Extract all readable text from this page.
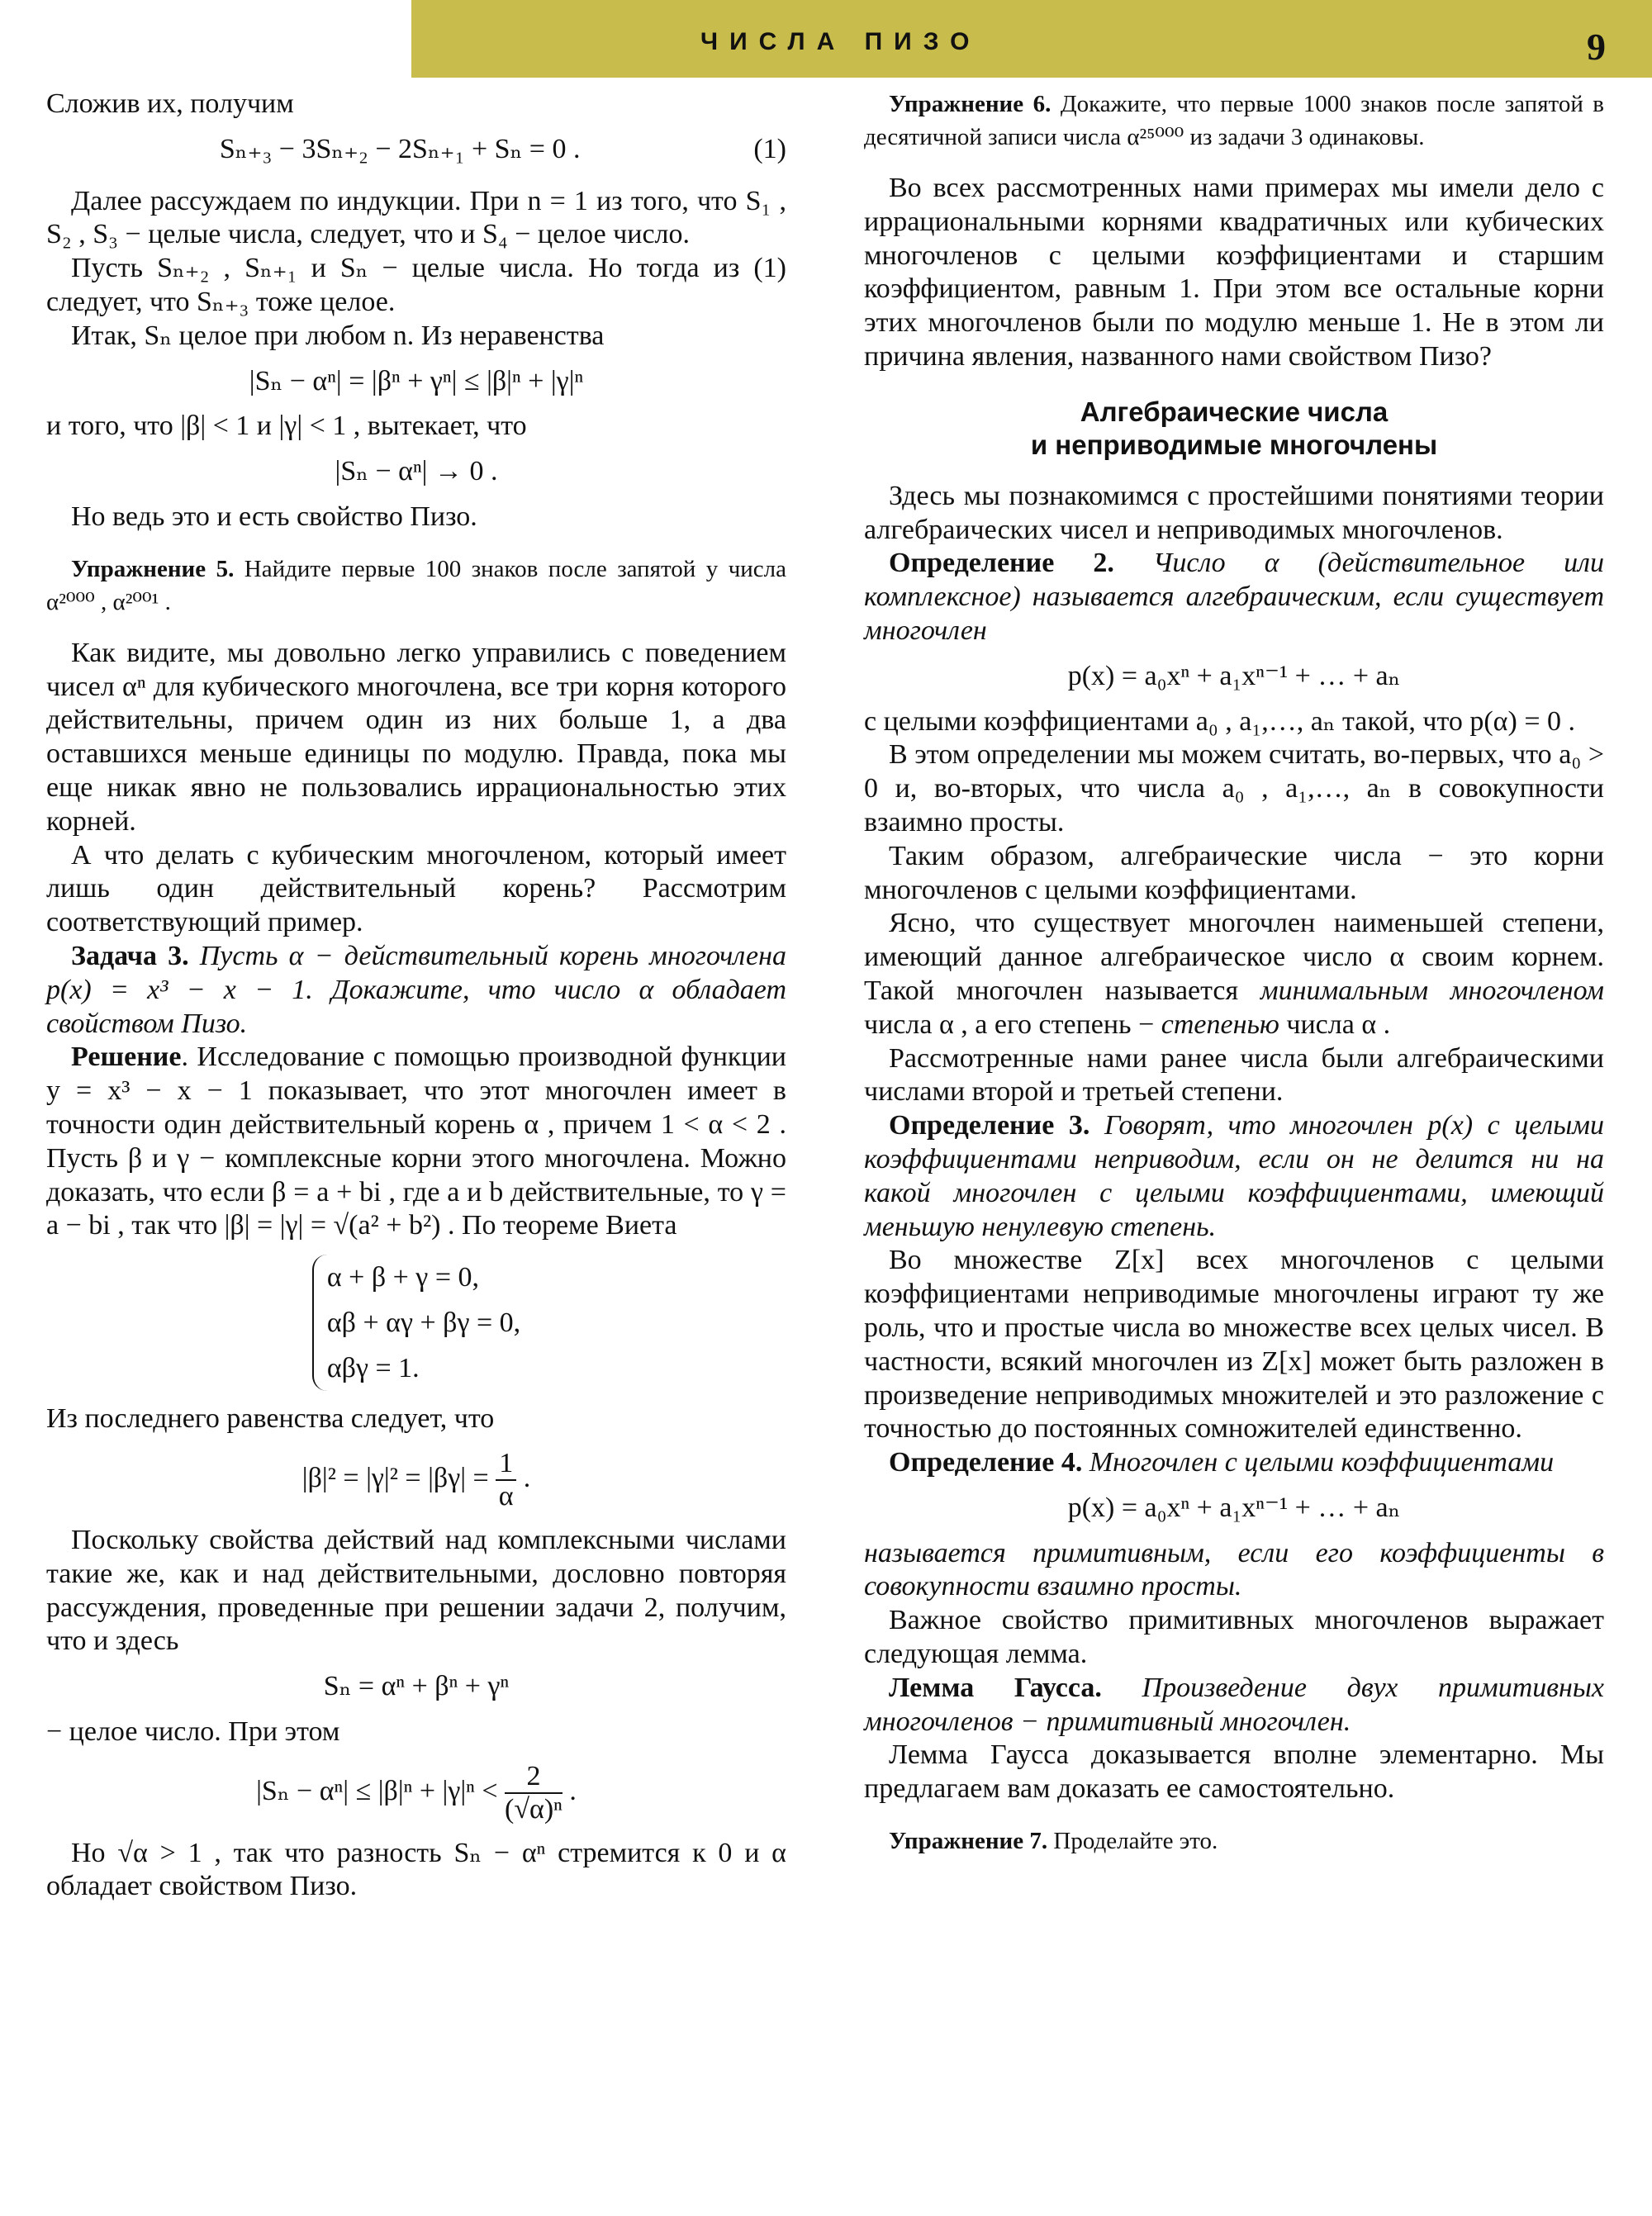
ЧИСЛА ПИЗО	9

Сложив их, получим

Sₙ₊₃ − 3Sₙ₊₂ − 2Sₙ₊₁ + Sₙ = 0 .	(1)

Далее рассуждаем по индукции. При n = 1 из того, что S₁ , S₂ , S₃ − целые числа, следует, что и S₄ − целое число.

Пусть Sₙ₊₂ , Sₙ₊₁ и Sₙ − целые числа. Но тогда из (1) следует, что Sₙ₊₃ тоже целое.

Итак, Sₙ целое при любом n. Из неравенства

|Sₙ − αⁿ| = |βⁿ + γⁿ| ≤ |β|ⁿ + |γ|ⁿ

и того, что |β| < 1 и |γ| < 1 , вытекает, что

|Sₙ − αⁿ| → 0 .

Но ведь это и есть свойство Пизо.

Упражнение 5. Найдите первые 100 знаков после запятой у числа α²⁰⁰⁰ , α²⁰⁰¹ .

Как видите, мы довольно легко управились с поведением чисел αⁿ для кубического многочлена, все три корня которого действительны, причем один из них больше 1, а два оставшихся меньше единицы по модулю. Правда, пока мы еще никак явно не пользовались иррациональностью этих корней.

А что делать с кубическим многочленом, который имеет лишь один действительный корень? Рассмотрим соответствующий пример.

Задача 3. Пусть α − действительный корень многочлена p(x) = x³ − x − 1. Докажите, что число α обладает свойством Пизо.

Решение. Исследование с помощью производной функции y = x³ − x − 1 показывает, что этот многочлен имеет в точности один действительный корень α , причем 1 < α < 2 . Пусть β и γ − комплексные корни этого многочлена. Можно доказать, что если β = a + bi , где a и b действительные, то γ = a − bi , так что |β| = |γ| = √(a² + b²) . По теореме Виета

α + β + γ = 0,
αβ + αγ + βγ = 0,
αβγ = 1.

Из последнего равенства следует, что

$|\beta|^2 = |\gamma|^2 = |\beta\gamma| = \frac{1}{\alpha}$ .

Поскольку свойства действий над комплексными числами такие же, как и над действительными, дословно повторяя рассуждения, проведенные при решении задачи 2, получим, что и здесь

Sₙ = αⁿ + βⁿ + γⁿ

− целое число. При этом

$|S_n - \alpha^n| \le |\beta|^n + |\gamma|^n < \frac{2}{\text{(√α)ⁿ}}$ .

Но √α > 1 , так что разность Sₙ − αⁿ стремится к 0 и α обладает свойством Пизо.

Упражнение 6. Докажите, что первые 1000 знаков после запятой в десятичной записи числа α²⁵⁰⁰⁰ из задачи 3 одинаковы.

Во всех рассмотренных нами примерах мы имели дело с иррациональными корнями квадратичных или кубических многочленов с целыми коэффициентами и старшим коэффициентом, равным 1. При этом все остальные корни этих многочленов были по модулю меньше 1. Не в этом ли причина явления, названного нами свойством Пизо?

Алгебраические числа
и неприводимые многочлены

Здесь мы познакомимся с простейшими понятиями теории алгебраических чисел и неприводимых многочленов.

Определение 2. Число α (действительное или комплексное) называется алгебраическим, если существует многочлен

p(x) = a₀xⁿ + a₁xⁿ⁻¹ + … + aₙ

с целыми коэффициентами a₀ , a₁,…, aₙ такой, что p(α) = 0 .

В этом определении мы можем считать, во-первых, что a₀ > 0 и, во-вторых, что числа a₀ , a₁,…, aₙ в совокупности взаимно просты.

Таким образом, алгебраические числа − это корни многочленов с целыми коэффициентами.

Ясно, что существует многочлен наименьшей степени, имеющий данное алгебраическое число α своим корнем. Такой многочлен называется минимальным многочленом числа α , а его степень − степенью числа α .

Рассмотренные нами ранее числа были алгебраическими числами второй и третьей степени.

Определение 3. Говорят, что многочлен p(x) с целыми коэффициентами неприводим, если он не делится ни на какой многочлен с целыми коэффициентами, имеющий меньшую ненулевую степень.

Во множестве Z[x] всех многочленов с целыми коэффициентами неприводимые многочлены играют ту же роль, что и простые числа во множестве всех целых чисел. В частности, всякий многочлен из Z[x] может быть разложен в произведение неприводимых множителей и это разложение с точностью до постоянных сомножителей единственно.

Определение 4. Многочлен с целыми коэффициентами

p(x) = a₀xⁿ + a₁xⁿ⁻¹ + … + aₙ

называется примитивным, если его коэффициенты в совокупности взаимно просты.

Важное свойство примитивных многочленов выражает следующая лемма.

Лемма Гаусса. Произведение двух примитивных многочленов − примитивный многочлен.

Лемма Гаусса доказывается вполне элементарно. Мы предлагаем вам доказать ее самостоятельно.

Упражнение 7. Проделайте это.
